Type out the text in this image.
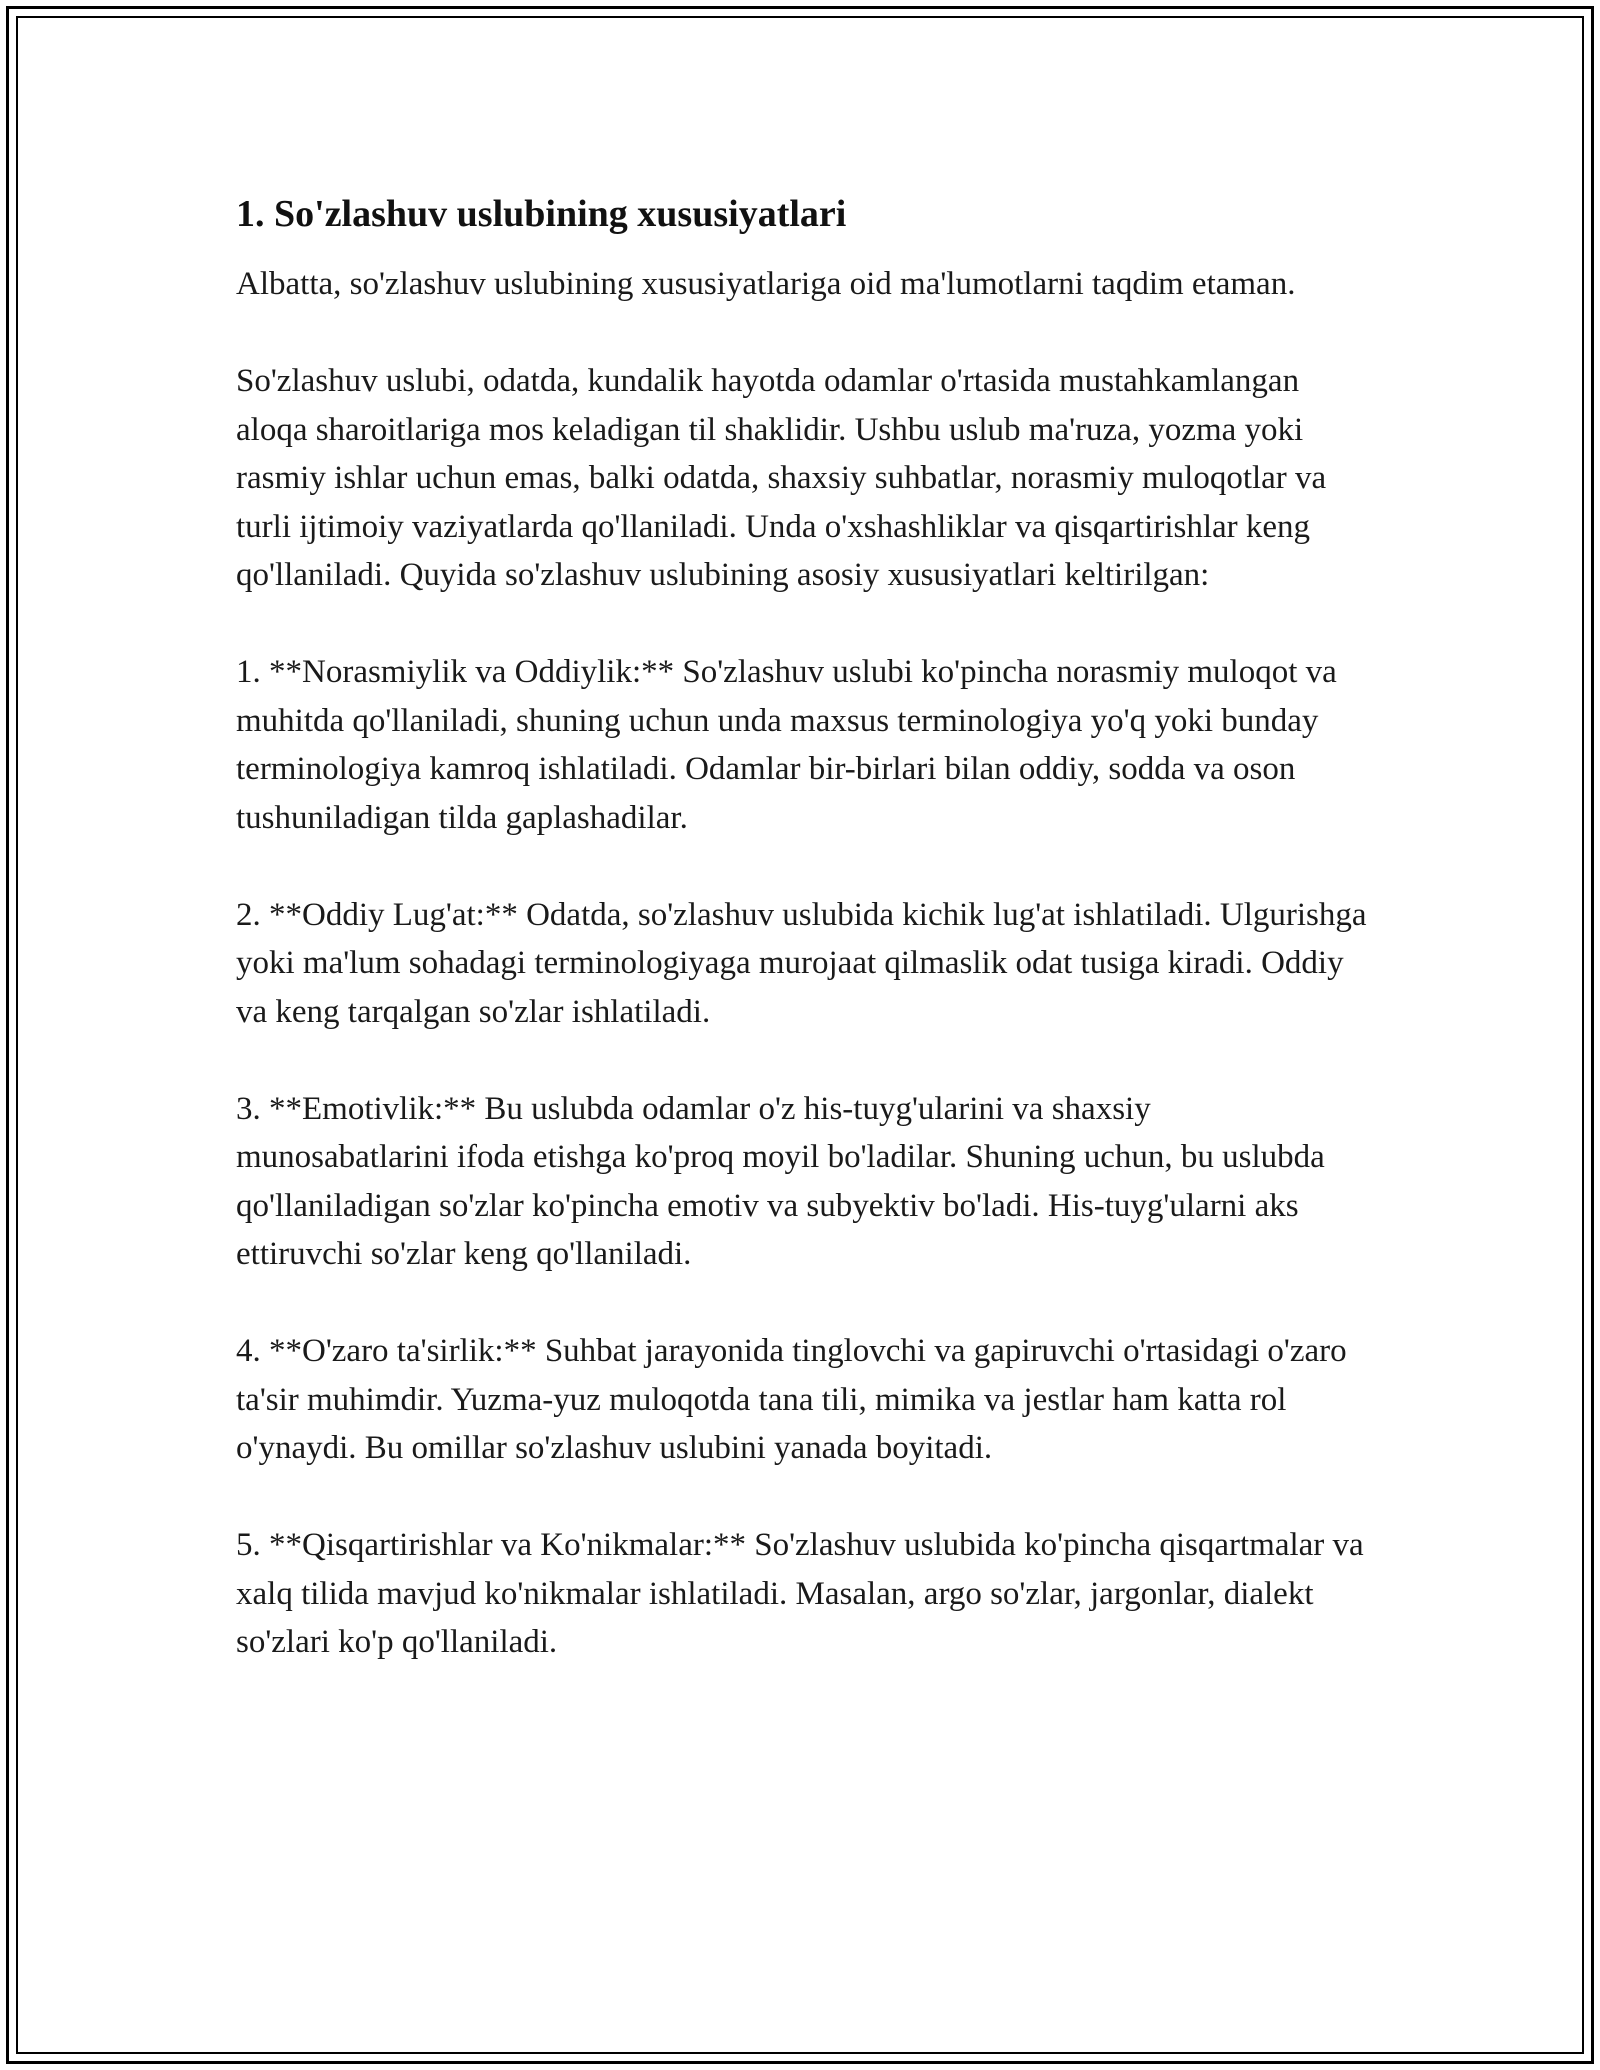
1. So'zlashuv uslubining xususiyatlari

Albatta, so'zlashuv uslubining xususiyatlariga oid ma'lumotlarni taqdim etaman.

So'zlashuv uslubi, odatda, kundalik hayotda odamlar o'rtasida mustahkamlangan aloqa sharoitlariga mos keladigan til shaklidir. Ushbu uslub ma'ruza, yozma yoki rasmiy ishlar uchun emas, balki odatda, shaxsiy suhbatlar, norasmiy muloqotlar va turli ijtimoiy vaziyatlarda qo'llaniladi. Unda o'xshashliklar va qisqartirishlar keng qo'llaniladi. Quyida so'zlashuv uslubining asosiy xususiyatlari keltirilgan:

1. **Norasmiylik va Oddiylik:** So'zlashuv uslubi ko'pincha norasmiy muloqot va muhitda qo'llaniladi, shuning uchun unda maxsus terminologiya yo'q yoki bunday terminologiya kamroq ishlatiladi. Odamlar bir-birlari bilan oddiy, sodda va oson tushuniladigan tilda gaplashadilar.

2. **Oddiy Lug'at:** Odatda, so'zlashuv uslubida kichik lug'at ishlatiladi. Ulgurishga yoki ma'lum sohadagi terminologiyaga murojaat qilmaslik odat tusiga kiradi. Oddiy va keng tarqalgan so'zlar ishlatiladi.

3. **Emotivlik:** Bu uslubda odamlar o'z his-tuyg'ularini va shaxsiy munosabatlarini ifoda etishga ko'proq moyil bo'ladilar. Shuning uchun, bu uslubda qo'llaniladigan so'zlar ko'pincha emotiv va subyektiv bo'ladi. His-tuyg'ularni aks ettiruvchi so'zlar keng qo'llaniladi.

4. **O'zaro ta'sirlik:** Suhbat jarayonida tinglovchi va gapiruvchi o'rtasidagi o'zaro ta'sir muhimdir. Yuzma-yuz muloqotda tana tili, mimika va jestlar ham katta rol o'ynaydi. Bu omillar so'zlashuv uslubini yanada boyitadi.

5. **Qisqartirishlar va Ko'nikmalar:** So'zlashuv uslubida ko'pincha qisqartmalar va xalq tilida mavjud ko'nikmalar ishlatiladi. Masalan, argo so'zlar, jargonlar, dialekt so'zlari ko'p qo'llaniladi.
